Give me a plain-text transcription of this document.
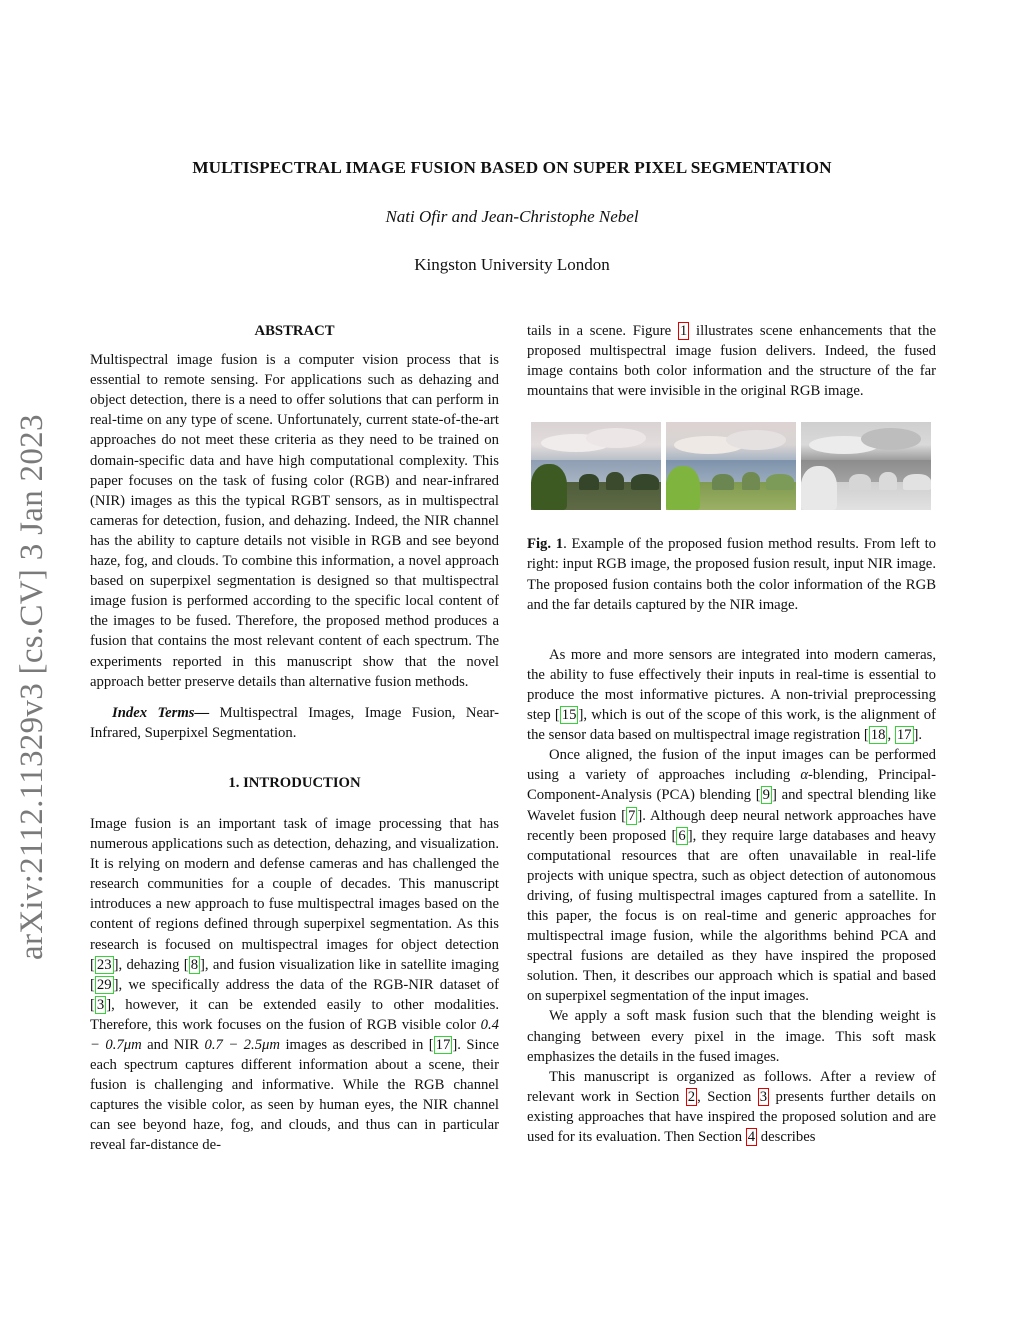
arXiv:2112.11329v3 [cs.CV] 3 Jan 2023
MULTISPECTRAL IMAGE FUSION BASED ON SUPER PIXEL SEGMENTATION
Nati Ofir and Jean-Christophe Nebel
Kingston University London
ABSTRACT

Multispectral image fusion is a computer vision process that is essential to remote sensing. For applications such as dehazing and object detection, there is a need to offer solutions that can perform in real-time on any type of scene. Unfortunately, current state-of-the-art approaches do not meet these criteria as they need to be trained on domain-specific data and have high computational complexity. This paper focuses on the task of fusing color (RGB) and near-infrared (NIR) images as this the typical RGBT sensors, as in multispectral cameras for detection, fusion, and dehazing. Indeed, the NIR channel has the ability to capture details not visible in RGB and see beyond haze, fog, and clouds. To combine this information, a novel approach based on superpixel segmentation is designed so that multispectral image fusion is performed according to the specific local content of the images to be fused. Therefore, the proposed method produces a fusion that contains the most relevant content of each spectrum. The experiments reported in this manuscript show that the novel approach better preserve details than alternative fusion methods.

Index Terms— Multispectral Images, Image Fusion, Near-Infrared, Superpixel Segmentation.

1. INTRODUCTION

Image fusion is an important task of image processing that has numerous applications such as detection, dehazing, and visualization. It is relying on modern and defense cameras and has challenged the research communities for a couple of decades. This manuscript introduces a new approach to fuse multispectral images based on the content of regions defined through superpixel segmentation. As this research is focused on multispectral images for object detection [ 23 ], dehazing [ 8 ], and fusion visualization like in satellite imaging [ 29 ], we specifically address the data of the RGB-NIR dataset of [ 3 ], however, it can be extended easily to other modalities. Therefore, this work focuses on the fusion of RGB visible color 0.4 − 0.7μm and NIR 0.7 − 2.5μm images as described in [ 17 ]. Since each spectrum captures different information about a scene, their fusion is challenging and informative. While the RGB channel captures the visible color, as seen by human eyes, the NIR channel can see beyond haze, fog, and clouds, and thus can in particular reveal far-distance de-

tails in a scene. Figure 1 illustrates scene enhancements that the proposed multispectral image fusion delivers. Indeed, the fused image contains both color information and the structure of the far mountains that were invisible in the original RGB image.

Fig. 1. Example of the proposed fusion method results. From left to right: input RGB image, the proposed fusion result, input NIR image. The proposed fusion contains both the color information of the RGB and the far details captured by the NIR image.

As more and more sensors are integrated into modern cameras, the ability to fuse effectively their inputs in real-time is essential to produce the most informative pictures. A non-trivial preprocessing step [ 15 ], which is out of the scope of this work, is the alignment of the sensor data based on multispectral image registration [ 18 , 17 ].

Once aligned, the fusion of the input images can be performed using a variety of approaches including α-blending, Principal-Component-Analysis (PCA) blending [ 9 ] and spectral blending like Wavelet fusion [ 7 ]. Although deep neural network approaches have recently been proposed [ 6 ], they require large databases and heavy computational resources that are often unavailable in real-life projects with unique spectra, such as object detection of autonomous driving, of fusing multispectral images captured from a satellite. In this paper, the focus is on real-time and generic approaches for multispectral image fusion, while the algorithms behind PCA and spectral fusions are detailed as they have inspired the proposed solution. Then, it describes our approach which is spatial and based on superpixel segmentation of the input images.

We apply a soft mask fusion such that the blending weight is changing between every pixel in the image. This soft mask emphasizes the details in the fused images.

This manuscript is organized as follows. After a review of relevant work in Section 2 , Section 3 presents further details on existing approaches that have inspired the proposed solution and are used for its evaluation. Then Section 4 describes
